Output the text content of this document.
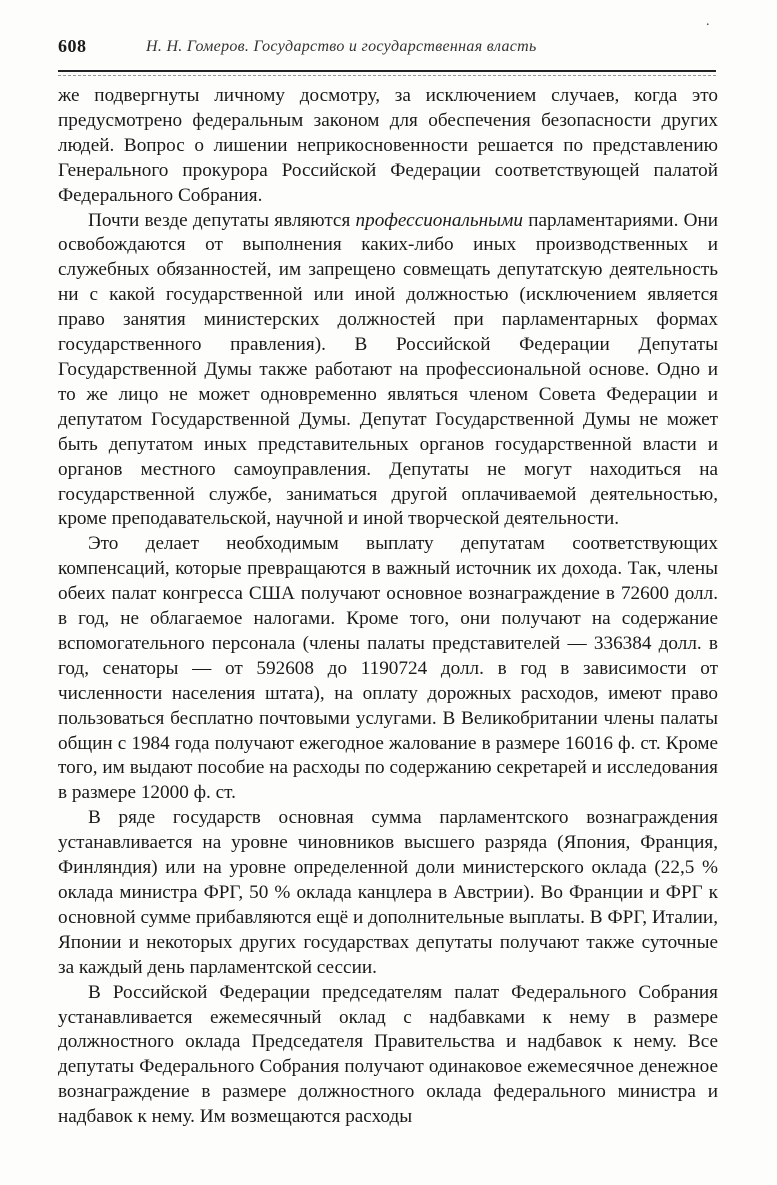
.
608	Н. Н. Гомеров. Государство и государственная власть

же подвергнуты личному досмотру, за исключением случаев, когда это предусмотрено федеральным законом для обеспечения безопасности других людей. Вопрос о лишении неприкосновенности решается по представлению Генерального прокурора Российской Федерации соответствующей палатой Федерального Собрания.

Почти везде депутаты являются профессиональными парламентариями. Они освобождаются от выполнения каких-либо иных производственных и служебных обязанностей, им запрещено совмещать депутатскую деятельность ни с какой государственной или иной должностью (исключением является право занятия министерских должностей при парламентарных формах государственного правления). В Российской Федерации Депутаты Государственной Думы также работают на профессиональной основе. Одно и то же лицо не может одновременно являться членом Совета Федерации и депутатом Государственной Думы. Депутат Государственной Думы не может быть депутатом иных представительных органов государственной власти и органов местного самоуправления. Депутаты не могут находиться на государственной службе, заниматься другой оплачиваемой деятельностью, кроме преподавательской, научной и иной творческой деятельности.

Это делает необходимым выплату депутатам соответствующих компенсаций, которые превращаются в важный источник их дохода. Так, члены обеих палат конгресса США получают основное вознаграждение в 72600 долл. в год, не облагаемое налогами. Кроме того, они получают на содержание вспомогательного персонала (члены палаты представителей — 336384 долл. в год, сенаторы — от 592608 до 1190724 долл. в год в зависимости от численности населения штата), на оплату дорожных расходов, имеют право пользоваться бесплатно почтовыми услугами. В Великобритании члены палаты общин с 1984 года получают ежегодное жалование в размере 16016 ф. ст. Кроме того, им выдают пособие на расходы по содержанию секретарей и исследования в размере 12000 ф. ст.

В ряде государств основная сумма парламентского вознаграждения устанавливается на уровне чиновников высшего разряда (Япония, Франция, Финляндия) или на уровне определенной доли министерского оклада (22,5 % оклада министра ФРГ, 50 % оклада канцлера в Австрии). Во Франции и ФРГ к основной сумме прибавляются ещё и дополнительные выплаты. В ФРГ, Италии, Японии и некоторых других государствах депутаты получают также суточные за каждый день парламентской сессии.

В Российской Федерации председателям палат Федерального Собрания устанавливается ежемесячный оклад с надбавками к нему в размере должностного оклада Председателя Правительства и надбавок к нему. Все депутаты Федерального Собрания получают одинаковое ежемесячное денежное вознаграждение в размере должностного оклада федерального министра и надбавок к нему. Им возмещаются расходы
